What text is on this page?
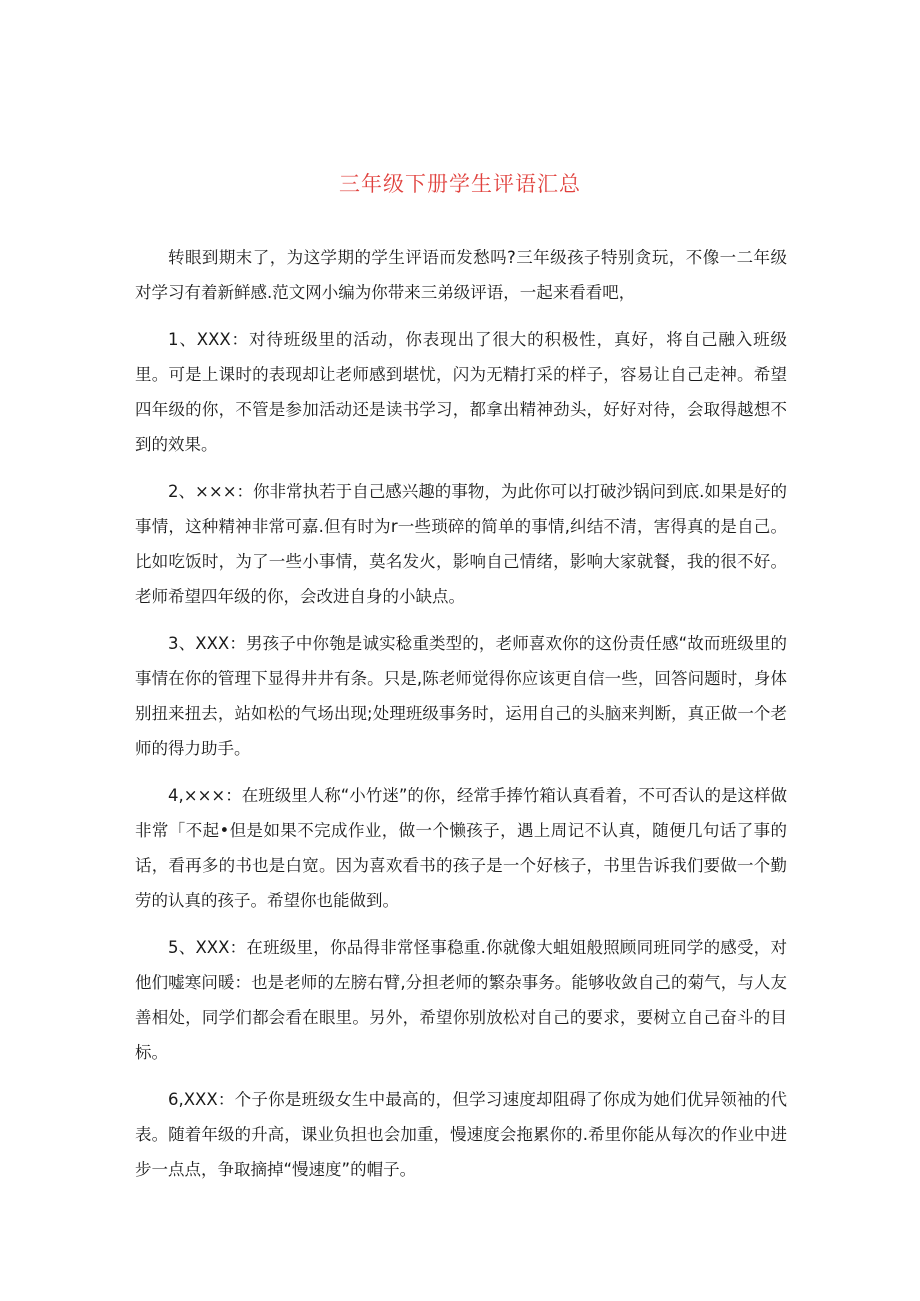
三年级下册学生评语汇总

转眼到期末了，为这学期的学生评语而发愁吗?三年级孩子特别贪玩，不像一二年级对学习有着新鲜感.范文网小编为你带来三弟级评语，一起来看看吧，

1、XXX：对待班级里的活动，你表现出了很大的积极性，真好，将自己融入班级里。可是上课时的表现却让老师感到堪忧，闪为无精打采的样子，容易让自己走神。希望四年级的你，不管是参加活动还是读书学习，都拿出精神劲头，好好对待，会取得越想不到的效果。

2、×××：你非常执若于自己感兴趣的事物，为此你可以打破沙锅问到底.如果是好的事情，这种精神非常可嘉.但有时为r一些琐碎的简单的事情,纠结不清，害得真的是自己。比如吃饭时，为了一些小事情，莫名发火，影响自己情绪，影响大家就餐，我的很不好。老师希望四年级的你，会改进自身的小缺点。

3、XXX：男孩子中你匏是诚实稔重类型的，老师喜欢你的这份责任感“故而班级里的事情在你的管理下显得井井有条。只是,陈老师觉得你应该更自信一些，回答问题时，身体别扭来扭去，站如松的气场出现;处理班级事务时，运用自己的头脑来判断，真正做一个老师的得力助手。

4,×××：在班级里人称“小竹迷”的你，经常手捧竹箱认真看着，不可否认的是这样做非常「不起•但是如果不完成作业，做一个懒孩子，遇上周记不认真，随便几句话了事的话，看再多的书也是白宽。因为喜欢看书的孩子是一个好核子，书里告诉我们要做一个勤劳的认真的孩子。希望你也能做到。

5、XXX：在班级里，你品得非常怪事稳重.你就像大蛆姐般照顾同班同学的感受，对他们嘘寒问暖：也是老师的左膀右臂,分担老师的繁杂事务。能够收敛自己的菊气，与人友善相处，同学们都会看在眼里。另外，希望你别放松对自己的要求，要树立自己奋斗的目标。

6,XXX：个子你是班级女生中最高的，但学习速度却阻碍了你成为她们优异领袖的代表。随着年级的升高，课业负担也会加重，慢速度会拖累你的.希里你能从每次的作业中进步一点点，争取摘掉“慢速度”的帽子。
